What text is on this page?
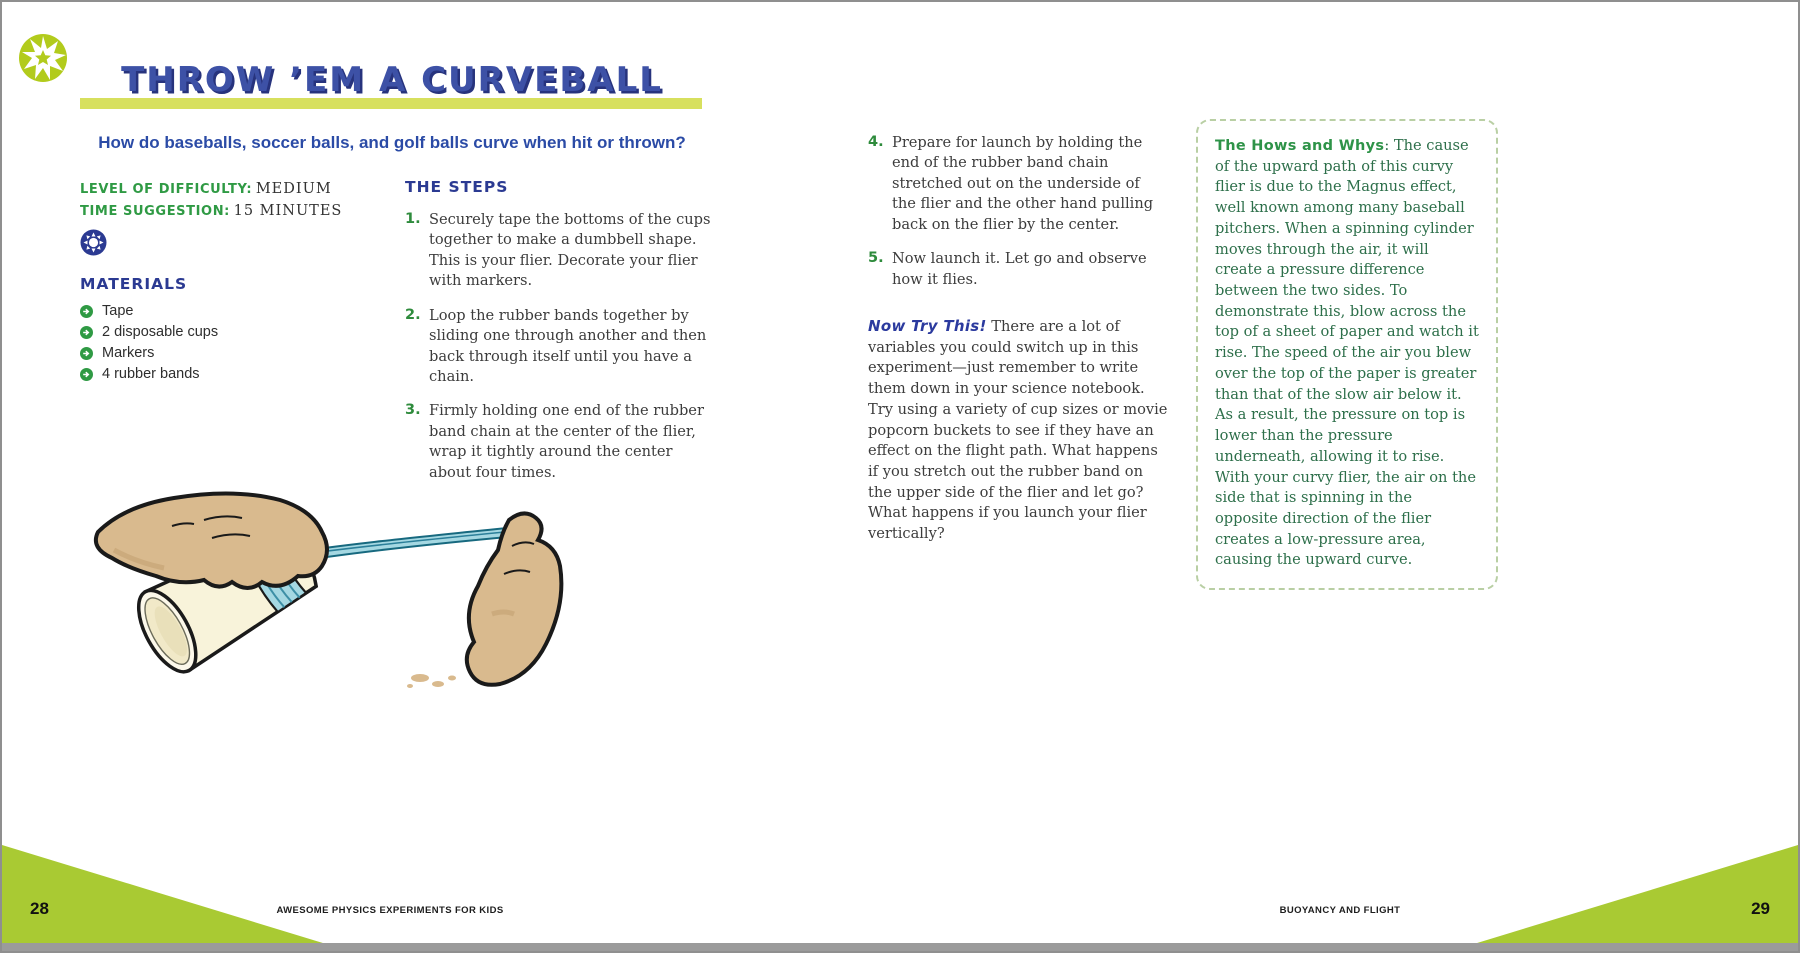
THROW ’EM A CURVEBALL
How do baseballs, soccer balls, and golf balls curve when hit or thrown?
LEVEL OF DIFFICULTY: MEDIUM
TIME SUGGESTION: 15 MINUTES
MATERIALS
Tape
2 disposable cups
Markers
4 rubber bands
THE STEPS
1. Securely tape the bottoms of the cups together to make a dumbbell shape. This is your flier. Decorate your flier with markers.
2. Loop the rubber bands together by sliding one through another and then back through itself until you have a chain.
3. Firmly holding one end of the rubber band chain at the center of the flier, wrap it tightly around the center about four times.
4. Prepare for launch by holding the end of the rubber band chain stretched out on the underside of the flier and the other hand pulling back on the flier by the center.
5. Now launch it. Let go and observe how it flies.
Now Try This! There are a lot of variables you could switch up in this experiment—just remember to write them down in your science notebook. Try using a variety of cup sizes or movie popcorn buckets to see if they have an effect on the flight path. What happens if you stretch out the rubber band on the upper side of the flier and let go? What happens if you launch your flier vertically?
The Hows and Whys: The cause of the upward path of this curvy flier is due to the Magnus effect, well known among many baseball pitchers. When a spinning cylinder moves through the air, it will create a pressure difference between the two sides. To demonstrate this, blow across the top of a sheet of paper and watch it rise. The speed of the air you blew over the top of the paper is greater than that of the slow air below it. As a result, the pressure on top is lower than the pressure underneath, allowing it to rise. With your curvy flier, the air on the side that is spinning in the opposite direction of the flier creates a low-pressure area, causing the upward curve.
28	29
AWESOME PHYSICS EXPERIMENTS FOR KIDS	BUOYANCY AND FLIGHT
